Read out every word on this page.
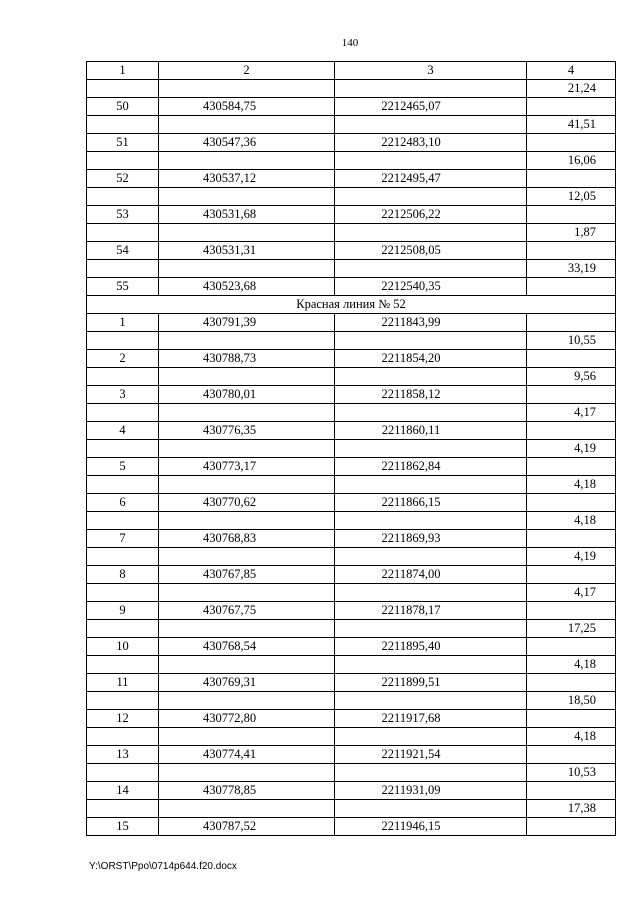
140
1	2	3	4
			21,24
50	430584,75	2212465,07	
			41,51
51	430547,36	2212483,10	
			16,06
52	430537,12	2212495,47	
			12,05
53	430531,68	2212506,22	
			1,87
54	430531,31	2212508,05	
			33,19
55	430523,68	2212540,35	
Красная линия № 52			
1	430791,39	2211843,99	
			10,55
2	430788,73	2211854,20	
			9,56
3	430780,01	2211858,12	
			4,17
4	430776,35	2211860,11	
			4,19
5	430773,17	2211862,84	
			4,18
6	430770,62	2211866,15	
			4,18
7	430768,83	2211869,93	
			4,19
8	430767,85	2211874,00	
			4,17
9	430767,75	2211878,17	
			17,25
10	430768,54	2211895,40	
			4,18
11	430769,31	2211899,51	
			18,50
12	430772,80	2211917,68	
			4,18
13	430774,41	2211921,54	
			10,53
14	430778,85	2211931,09	
			17,38
15	430787,52	2211946,15	
Y:\ORST\Ppo\0714p644.f20.docx
